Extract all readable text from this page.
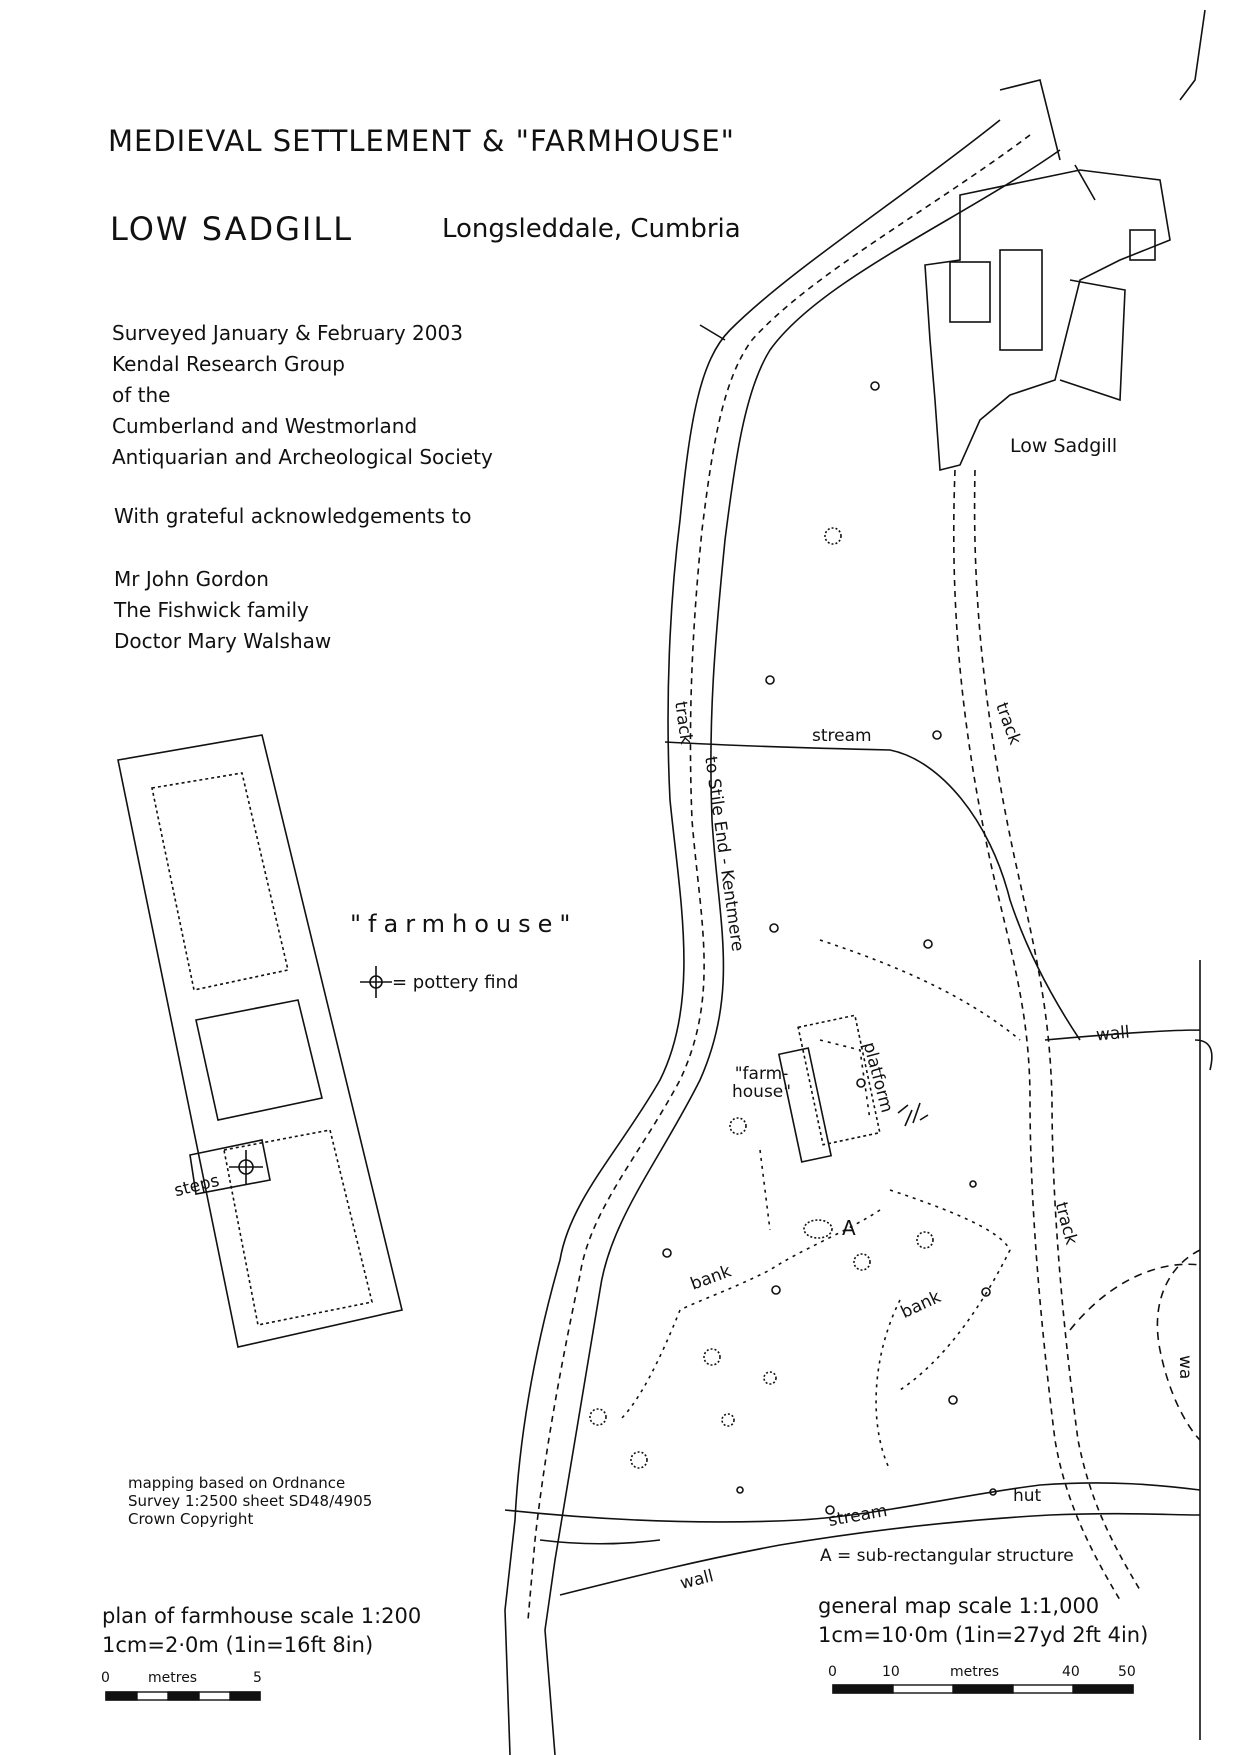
MEDIEVAL SETTLEMENT & "FARMHOUSE"
LOW SADGILL	Longsleddale, Cumbria
Surveyed January & February 2003
Kendal Research Group
of the
Cumberland and Westmorland
Antiquarian and Archeological Society
With grateful acknowledgements to
Mr John Gordon
The Fishwick family
Doctor Mary Walshaw
"farmhouse"
= pottery find
steps
Low Sadgill
track
to Stile End - Kentmere
track
track
stream
stream
wall
wall
wa
"farm-
house"	platform
bank
bank
A
hut
A = sub-rectangular structure
mapping based on Ordnance
Survey 1:2500 sheet SD48/4905
Crown Copyright
plan of farmhouse scale 1:200
1cm=2·0m (1in=16ft 8in)
0	metres	5
general map scale 1:1,000
1cm=10·0m (1in=27yd 2ft 4in)
0	10	metres	40	50
